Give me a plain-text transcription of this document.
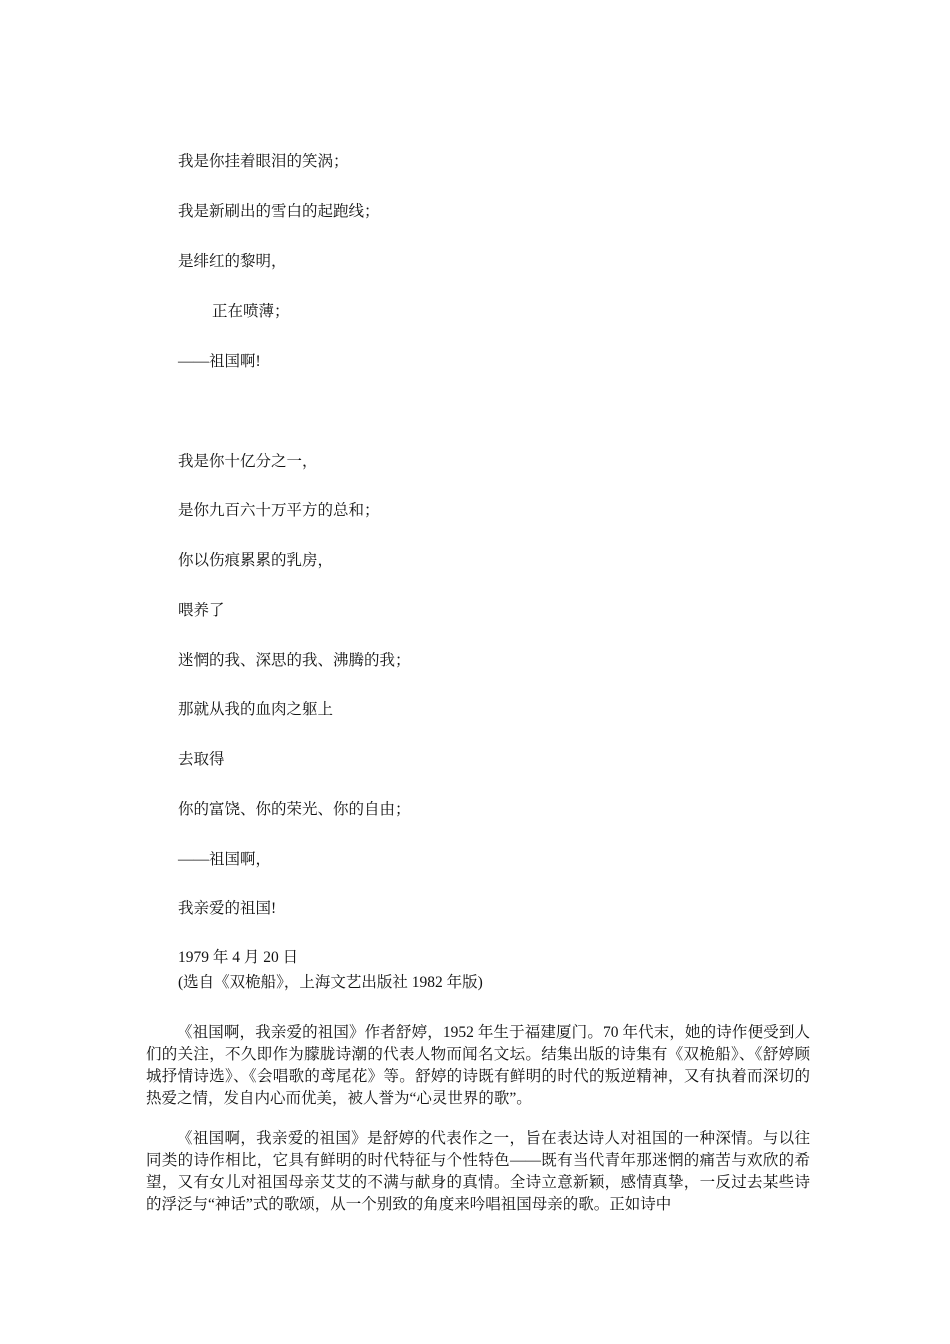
我是你挂着眼泪的笑涡；
我是新刷出的雪白的起跑线；
是绯红的黎明，
正在喷薄；
——祖国啊!
我是你十亿分之一，
是你九百六十万平方的总和；
你以伤痕累累的乳房，
喂养了
迷惘的我、深思的我、沸腾的我；
那就从我的血肉之躯上
去取得
你的富饶、你的荣光、你的自由；
——祖国啊，
我亲爱的祖国!
1979 年 4 月 20 日
(选自《双桅船》，上海文艺出版社 1982 年版)

《祖国啊，我亲爱的祖国》作者舒婷，1952 年生于福建厦门。70 年代末，她的诗作便受到人们的关注，不久即作为朦胧诗潮的代表人物而闻名文坛。结集出版的诗集有《双桅船》、《舒婷顾城抒情诗选》、《会唱歌的鸢尾花》等。舒婷的诗既有鲜明的时代的叛逆精神，又有执着而深切的热爱之情，发自内心而优美，被人誉为“心灵世界的歌”。

《祖国啊，我亲爱的祖国》是舒婷的代表作之一，旨在表达诗人对祖国的一种深情。与以往同类的诗作相比，它具有鲜明的时代特征与个性特色——既有当代青年那迷惘的痛苦与欢欣的希望，又有女儿对祖国母亲艾艾的不满与献身的真情。全诗立意新颖，感情真挚，一反过去某些诗的浮泛与“神话”式的歌颂，从一个别致的角度来吟唱祖国母亲的歌。正如诗中
